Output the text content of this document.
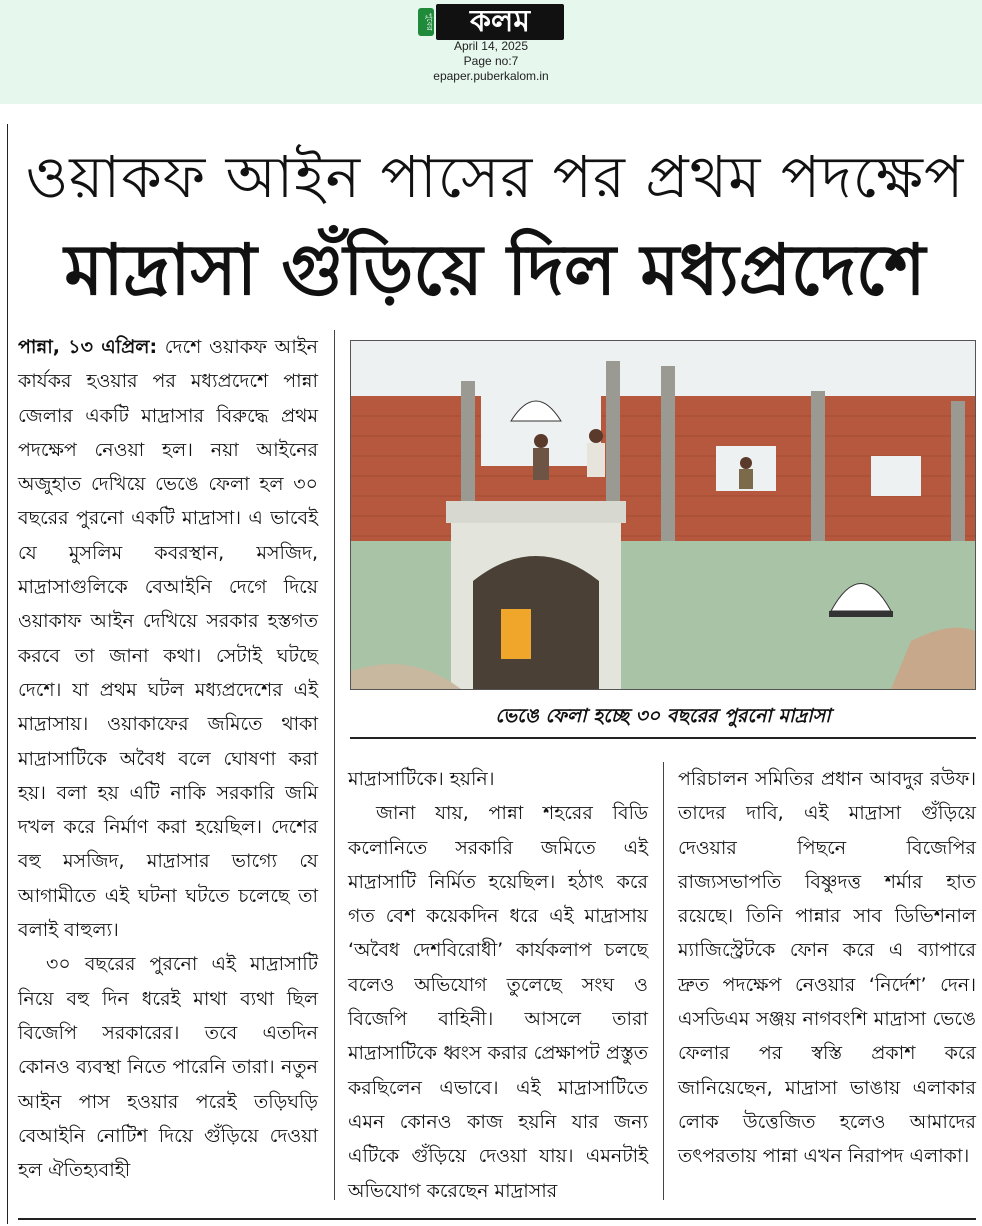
পুবের	কলম
April 14, 2025
Page no:7
epaper.puberkalom.in
ওয়াকফ আইন পাসের পর প্রথম পদক্ষেপ
মাদ্রাসা গুঁড়িয়ে দিল মধ্যপ্রদেশে
ভেঙে ফেলা হচ্ছে ৩০ বছরের পুরনো মাদ্রাসা

পান্না, ১৩ এপ্রিল: দেশে ওয়াকফ আইন কার্যকর হওয়ার পর মধ্যপ্রদেশে পান্না জেলার একটি মাদ্রাসার বিরুদ্ধে প্রথম পদক্ষেপ নেওয়া হল। নয়া আইনের অজুহাত দেখিয়ে ভেঙে ফেলা হল ৩০ বছরের পুরনো একটি মাদ্রাসা। এ ভাবেই যে মুসলিম কবরস্থান, মসজিদ, মাদ্রাসাগুলিকে বেআইনি দেগে দিয়ে ওয়াকাফ আইন দেখিয়ে সরকার হস্তগত করবে তা জানা কথা। সেটাই ঘটছে দেশে। যা প্রথম ঘটল মধ্যপ্রদেশের এই মাদ্রাসায়। ওয়াকাফের জমিতে থাকা মাদ্রাসাটিকে অবৈধ বলে ঘোষণা করা হয়। বলা হয় এটি নাকি সরকারি জমি দখল করে নির্মাণ করা হয়েছিল। দেশের বহু মসজিদ, মাদ্রাসার ভাগ্যে যে আগামীতে এই ঘটনা ঘটতে চলেছে তা বলাই বাহুল্য।

৩০ বছরের পুরনো এই মাদ্রাসাটি নিয়ে বহু দিন ধরেই মাথা ব্যথা ছিল বিজেপি সরকারের। তবে এতদিন কোনও ব্যবস্থা নিতে পারেনি তারা। নতুন আইন পাস হওয়ার পরেই তড়িঘড়ি বেআইনি নোটিশ দিয়ে গুঁড়িয়ে দেওয়া হল ঐতিহ্যবাহী

মাদ্রাসাটিকে। হয়নি।

জানা যায়, পান্না শহরের বিডি কলোনিতে সরকারি জমিতে এই মাদ্রাসাটি নির্মিত হয়েছিল। হঠাৎ করে গত বেশ কয়েকদিন ধরে এই মাদ্রাসায় ‘অবৈধ দেশবিরোধী’ কার্যকলাপ চলছে বলেও অভিযোগ তুলেছে সংঘ ও বিজেপি বাহিনী। আসলে তারা মাদ্রাসাটিকে ধ্বংস করার প্রেক্ষাপট প্রস্তুত করছিলেন এভাবে। এই মাদ্রাসাটিতে এমন কোনও কাজ হয়নি যার জন্য এটিকে গুঁড়িয়ে দেওয়া যায়। এমনটাই অভিযোগ করেছেন মাদ্রাসার

পরিচালন সমিতির প্রধান আবদুর রউফ। তাদের দাবি, এই মাদ্রাসা গুঁড়িয়ে দেওয়ার পিছনে বিজেপির রাজ্যসভাপতি বিষ্ণুদত্ত শর্মার হাত রয়েছে। তিনি পান্নার সাব ডিভিশনাল ম্যাজিস্ট্রেটকে ফোন করে এ ব্যাপারে দ্রুত পদক্ষেপ নেওয়ার ‘নির্দেশ’ দেন। এসডিএম সঞ্জয় নাগবংশি মাদ্রাসা ভেঙে ফেলার পর স্বস্তি প্রকাশ করে জানিয়েছেন, মাদ্রাসা ভাঙায় এলাকার লোক উত্তেজিত হলেও আমাদের তৎপরতায় পান্না এখন নিরাপদ এলাকা।
